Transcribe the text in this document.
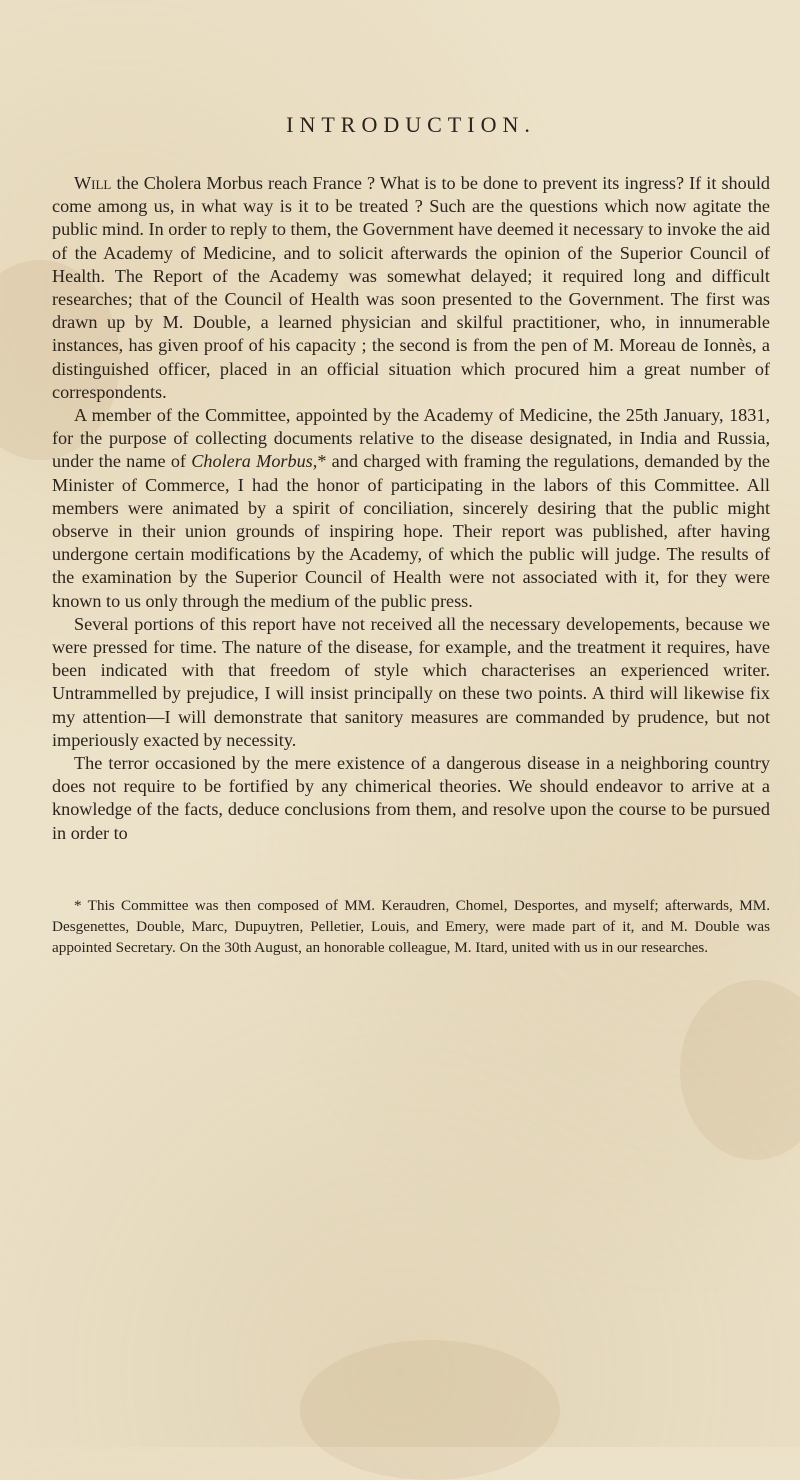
INTRODUCTION.

Will the Cholera Morbus reach France ? What is to be done to prevent its ingress? If it should come among us, in what way is it to be treated ? Such are the questions which now agitate the public mind. In order to reply to them, the Government have deemed it necessary to invoke the aid of the Academy of Medicine, and to solicit afterwards the opinion of the Superior Council of Health. The Report of the Academy was somewhat delayed; it required long and difficult researches; that of the Council of Health was soon presented to the Government. The first was drawn up by M. Double, a learned physician and skilful practitioner, who, in innumerable instances, has given proof of his capacity ; the second is from the pen of M. Moreau de Ionnès, a distinguished officer, placed in an official situation which procured him a great number of correspondents.

A member of the Committee, appointed by the Academy of Medicine, the 25th January, 1831, for the purpose of collecting documents relative to the disease designated, in India and Russia, under the name of Cholera Morbus,* and charged with framing the regulations, demanded by the Minister of Commerce, I had the honor of participating in the labors of this Committee. All members were animated by a spirit of conciliation, sincerely desiring that the public might observe in their union grounds of inspiring hope. Their report was published, after having undergone certain modifications by the Academy, of which the public will judge. The results of the examination by the Superior Council of Health were not associated with it, for they were known to us only through the medium of the public press.

Several portions of this report have not received all the necessary developements, because we were pressed for time. The nature of the disease, for example, and the treatment it requires, have been indicated with that freedom of style which characterises an experienced writer. Untrammelled by prejudice, I will insist principally on these two points. A third will likewise fix my attention—I will demonstrate that sanitory measures are commanded by prudence, but not imperiously exacted by necessity.

The terror occasioned by the mere existence of a dangerous disease in a neighboring country does not require to be fortified by any chimerical theories. We should endeavor to arrive at a knowledge of the facts, deduce conclusions from them, and resolve upon the course to be pursued in order to

* This Committee was then composed of MM. Keraudren, Chomel, Desportes, and myself; afterwards, MM. Desgenettes, Double, Marc, Dupuytren, Pelletier, Louis, and Emery, were made part of it, and M. Double was appointed Secretary. On the 30th August, an honorable colleague, M. Itard, united with us in our researches.
